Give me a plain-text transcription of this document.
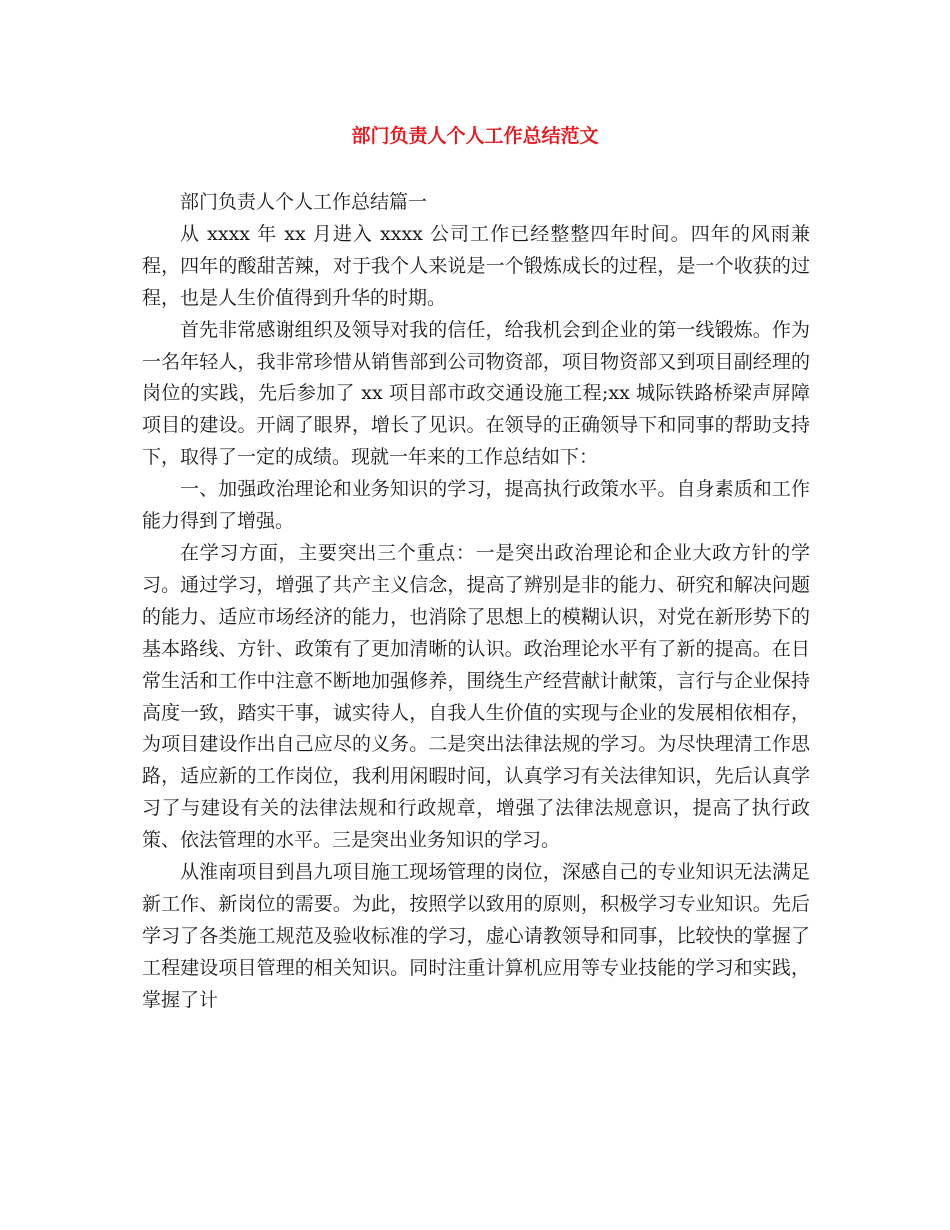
部门负责人个人工作总结范文

部门负责人个人工作总结篇一

从 xxxx 年 xx 月进入 xxxx 公司工作已经整整四年时间。四年的风雨兼程，四年的酸甜苦辣，对于我个人来说是一个锻炼成长的过程，是一个收获的过程，也是人生价值得到升华的时期。

首先非常感谢组织及领导对我的信任，给我机会到企业的第一线锻炼。作为一名年轻人，我非常珍惜从销售部到公司物资部，项目物资部又到项目副经理的岗位的实践，先后参加了 xx 项目部市政交通设施工程;xx 城际铁路桥梁声屏障项目的建设。开阔了眼界，增长了见识。在领导的正确领导下和同事的帮助支持下，取得了一定的成绩。现就一年来的工作总结如下：

一、加强政治理论和业务知识的学习，提高执行政策水平。自身素质和工作能力得到了增强。

在学习方面，主要突出三个重点：一是突出政治理论和企业大政方针的学习。通过学习，增强了共产主义信念，提高了辨别是非的能力、研究和解决问题的能力、适应市场经济的能力，也消除了思想上的模糊认识，对党在新形势下的基本路线、方针、政策有了更加清晰的认识。政治理论水平有了新的提高。在日常生活和工作中注意不断地加强修养，围绕生产经营献计献策，言行与企业保持高度一致，踏实干事，诚实待人，自我人生价值的实现与企业的发展相依相存，为项目建设作出自己应尽的义务。二是突出法律法规的学习。为尽快理清工作思路，适应新的工作岗位，我利用闲暇时间，认真学习有关法律知识，先后认真学习了与建设有关的法律法规和行政规章，增强了法律法规意识，提高了执行政策、依法管理的水平。三是突出业务知识的学习。

从淮南项目到昌九项目施工现场管理的岗位，深感自己的专业知识无法满足新工作、新岗位的需要。为此，按照学以致用的原则，积极学习专业知识。先后学习了各类施工规范及验收标准的学习，虚心请教领导和同事，比较快的掌握了工程建设项目管理的相关知识。同时注重计算机应用等专业技能的学习和实践，掌握了计
